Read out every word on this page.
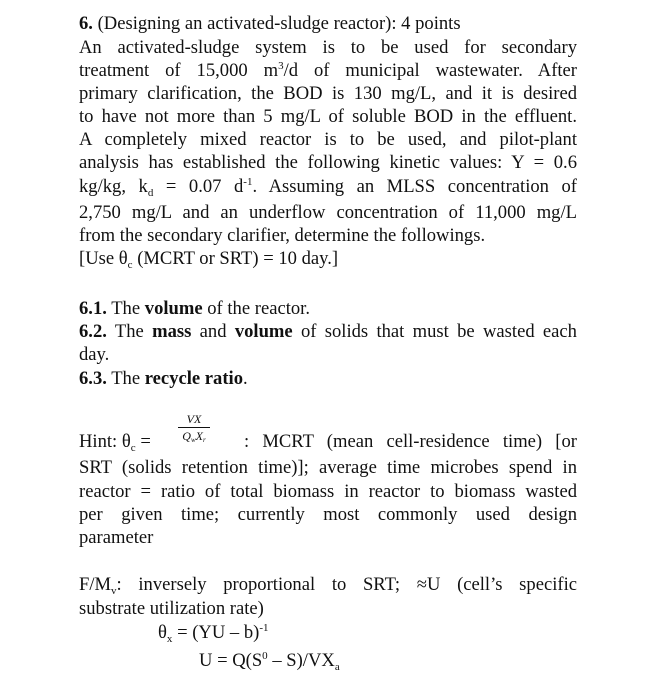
6. (Designing an activated-sludge reactor): 4 points
An activated-sludge system is to be used for secondary
treatment of 15,000 $m^3/d$ of municipal wastewater. After
primary clarification, the BOD is 130 mg/L, and it is desired
to have not more than 5 mg/L of soluble BOD in the effluent.
A completely mixed reactor is to be used, and pilot-plant
analysis has established the following kinetic values: Y = 0.6
kg/kg, $k_d = 0.07$ $d^{-1}$. Assuming an MLSS concentration of
2,750 mg/L and an underflow concentration of 11,000 mg/L
from the secondary clarifier, determine the followings.
[Use $\theta_c$ (MCRT or SRT) = 10 day.]
6.1. The volume of the reactor.
6.2. The mass and volume of solids that must be wasted each
day.
6.3. The recycle ratio.
VX
$Q_wX_r$
Hint: $\theta_c$ =	: MCRT (mean cell-residence time) [or
SRT (solids retention time)]; average time microbes spend in
reactor = ratio of total biomass in reactor to biomass wasted
per given time; currently most commonly used design
parameter
$F/M_v$: inversely proportional to SRT; ≈U (cell’s specific
substrate utilization rate)
$\theta_x = (YU - b)^{-1}$
$U = Q(S^0 - S)/VX_a$
